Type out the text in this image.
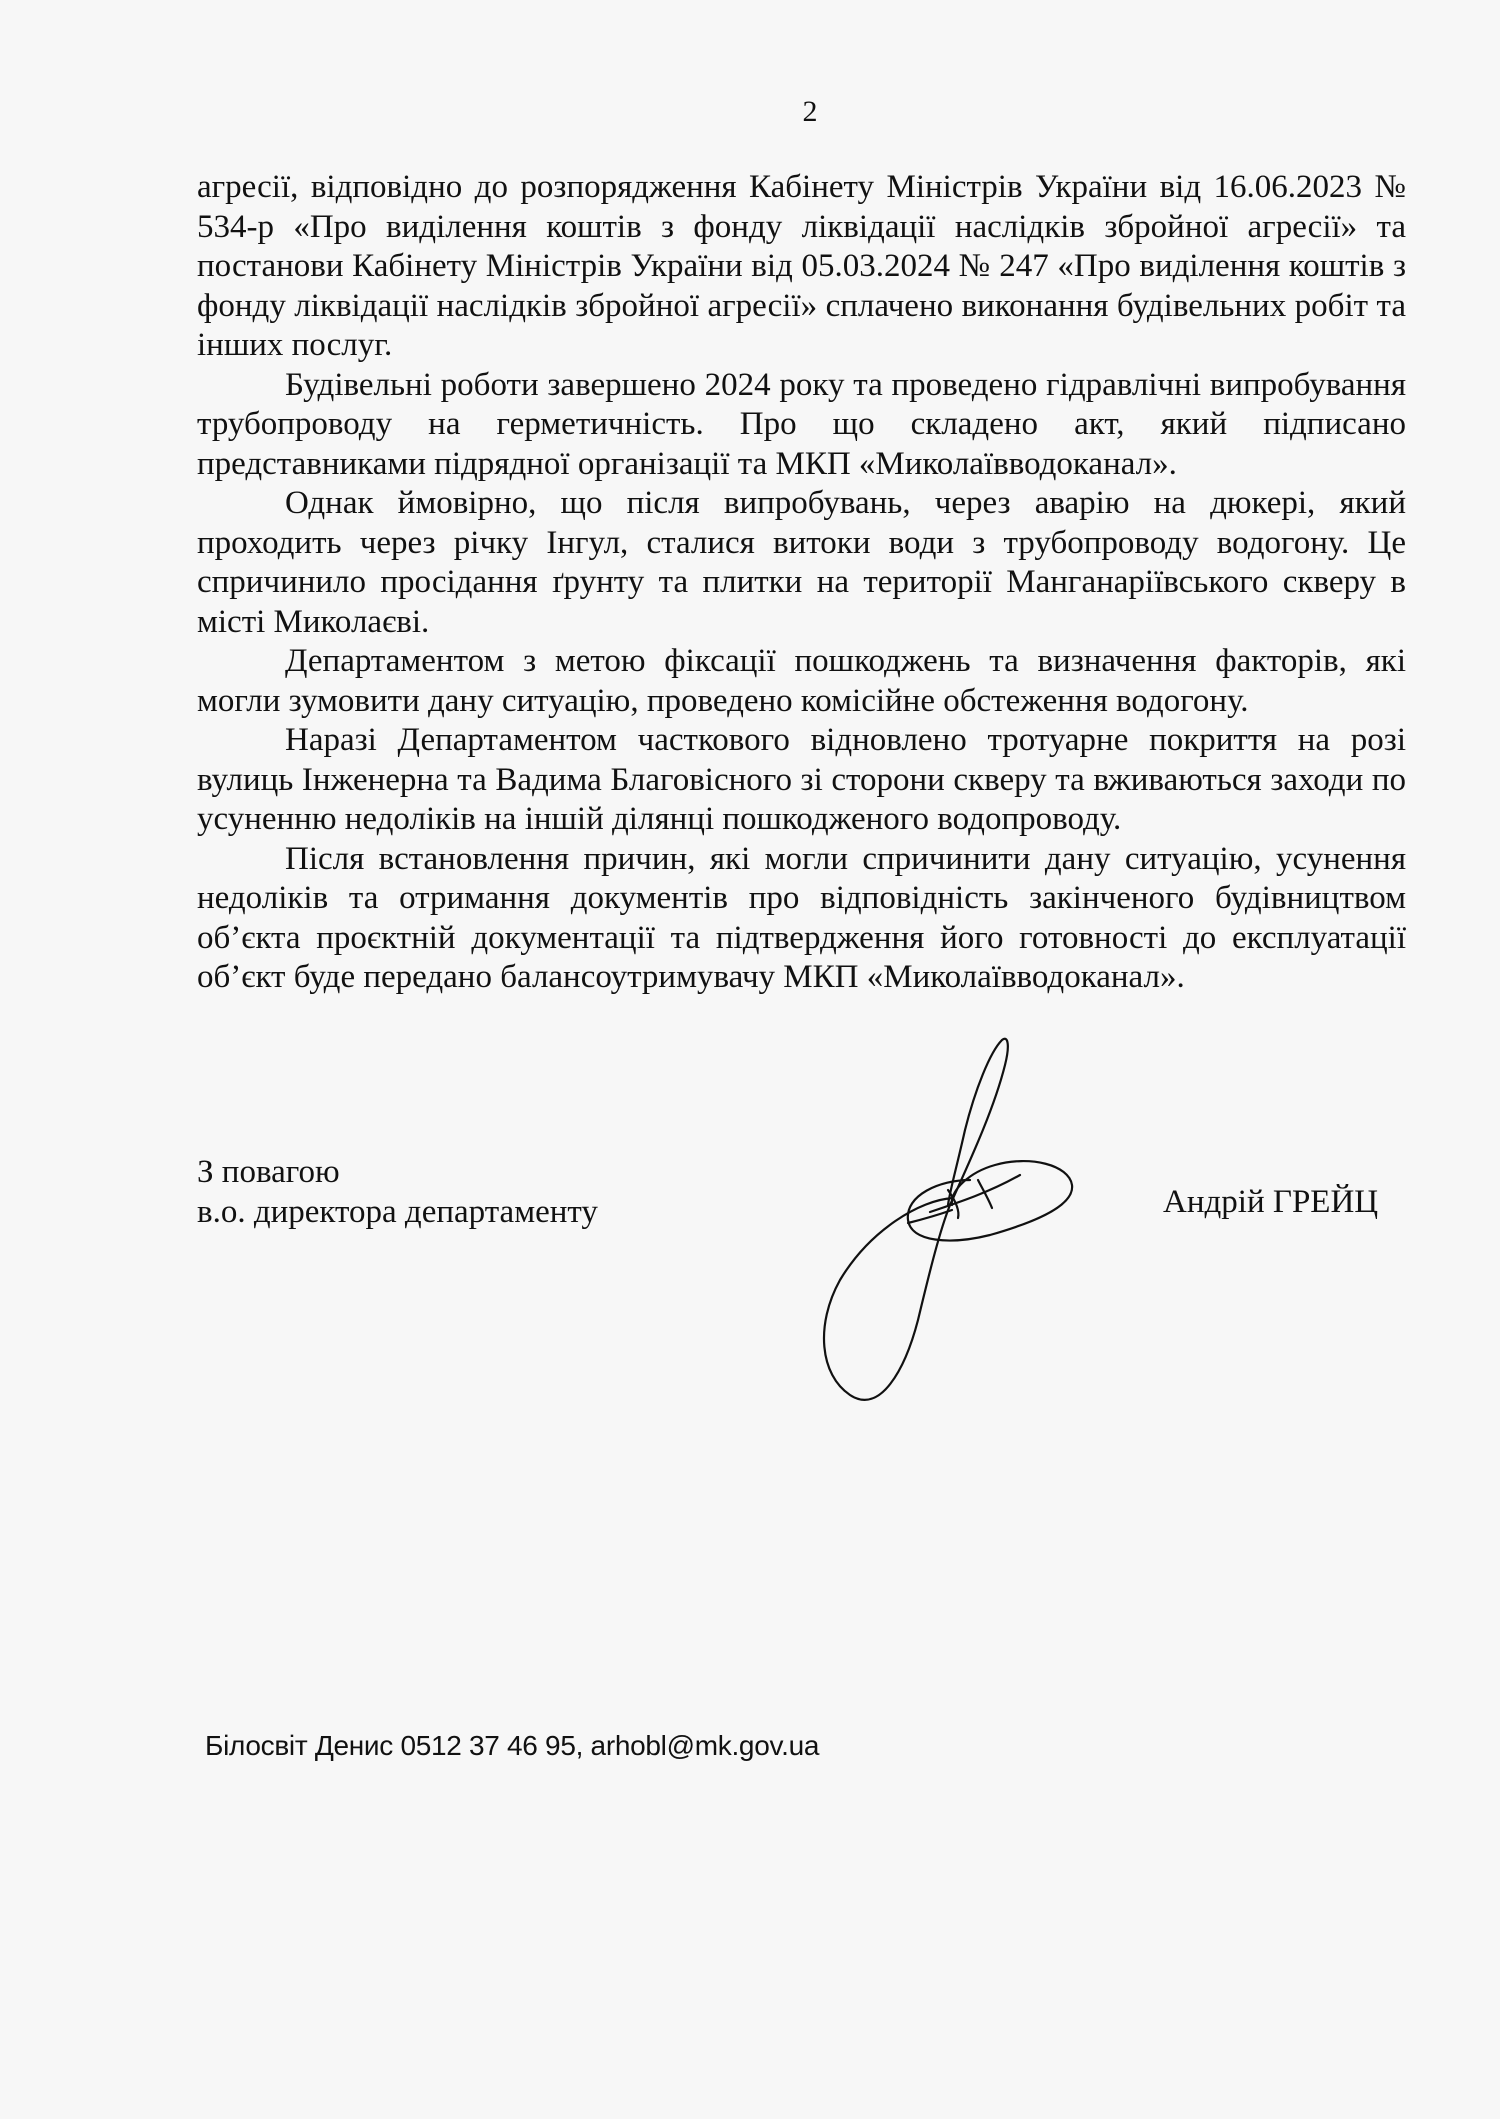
2

агресії, відповідно до розпорядження Кабінету Міністрів України від 16.06.2023 № 534-р «Про виділення коштів з фонду ліквідації наслідків збройної агресії» та постанови Кабінету Міністрів України від 05.03.2024 № 247 «Про виділення коштів з фонду ліквідації наслідків збройної агресії» сплачено виконання будівельних робіт та інших послуг.

Будівельні роботи завершено 2024 року та проведено гідравлічні випробування трубопроводу на герметичність. Про що складено акт, який підписано представниками підрядної організації та МКП «Миколаївводоканал».

Однак ймовірно, що після випробувань, через аварію на дюкері, який проходить через річку Інгул, сталися витоки води з трубопроводу водогону. Це спричинило просідання ґрунту та плитки на території Манганаріївського скверу в місті Миколаєві.

Департаментом з метою фіксації пошкоджень та визначення факторів, які могли зумовити дану ситуацію, проведено комісійне обстеження водогону.

Наразі Департаментом часткового відновлено тротуарне покриття на розі вулиць Інженерна та Вадима Благовісного зі сторони скверу та вживаються заходи по усуненню недоліків на іншій ділянці пошкодженого водопроводу.

Після встановлення причин, які могли спричинити дану ситуацію, усунення недоліків та отримання документів про відповідність закінченого будівництвом об’єкта проєктній документації та підтвердження його готовності до експлуатації об’єкт буде передано балансоутримувачу МКП «Миколаївводоканал».

З повагою
в.о. директора департаменту	Андрій ГРЕЙЦ
Білосвіт Денис 0512 37 46 95, arhobl@mk.gov.ua
